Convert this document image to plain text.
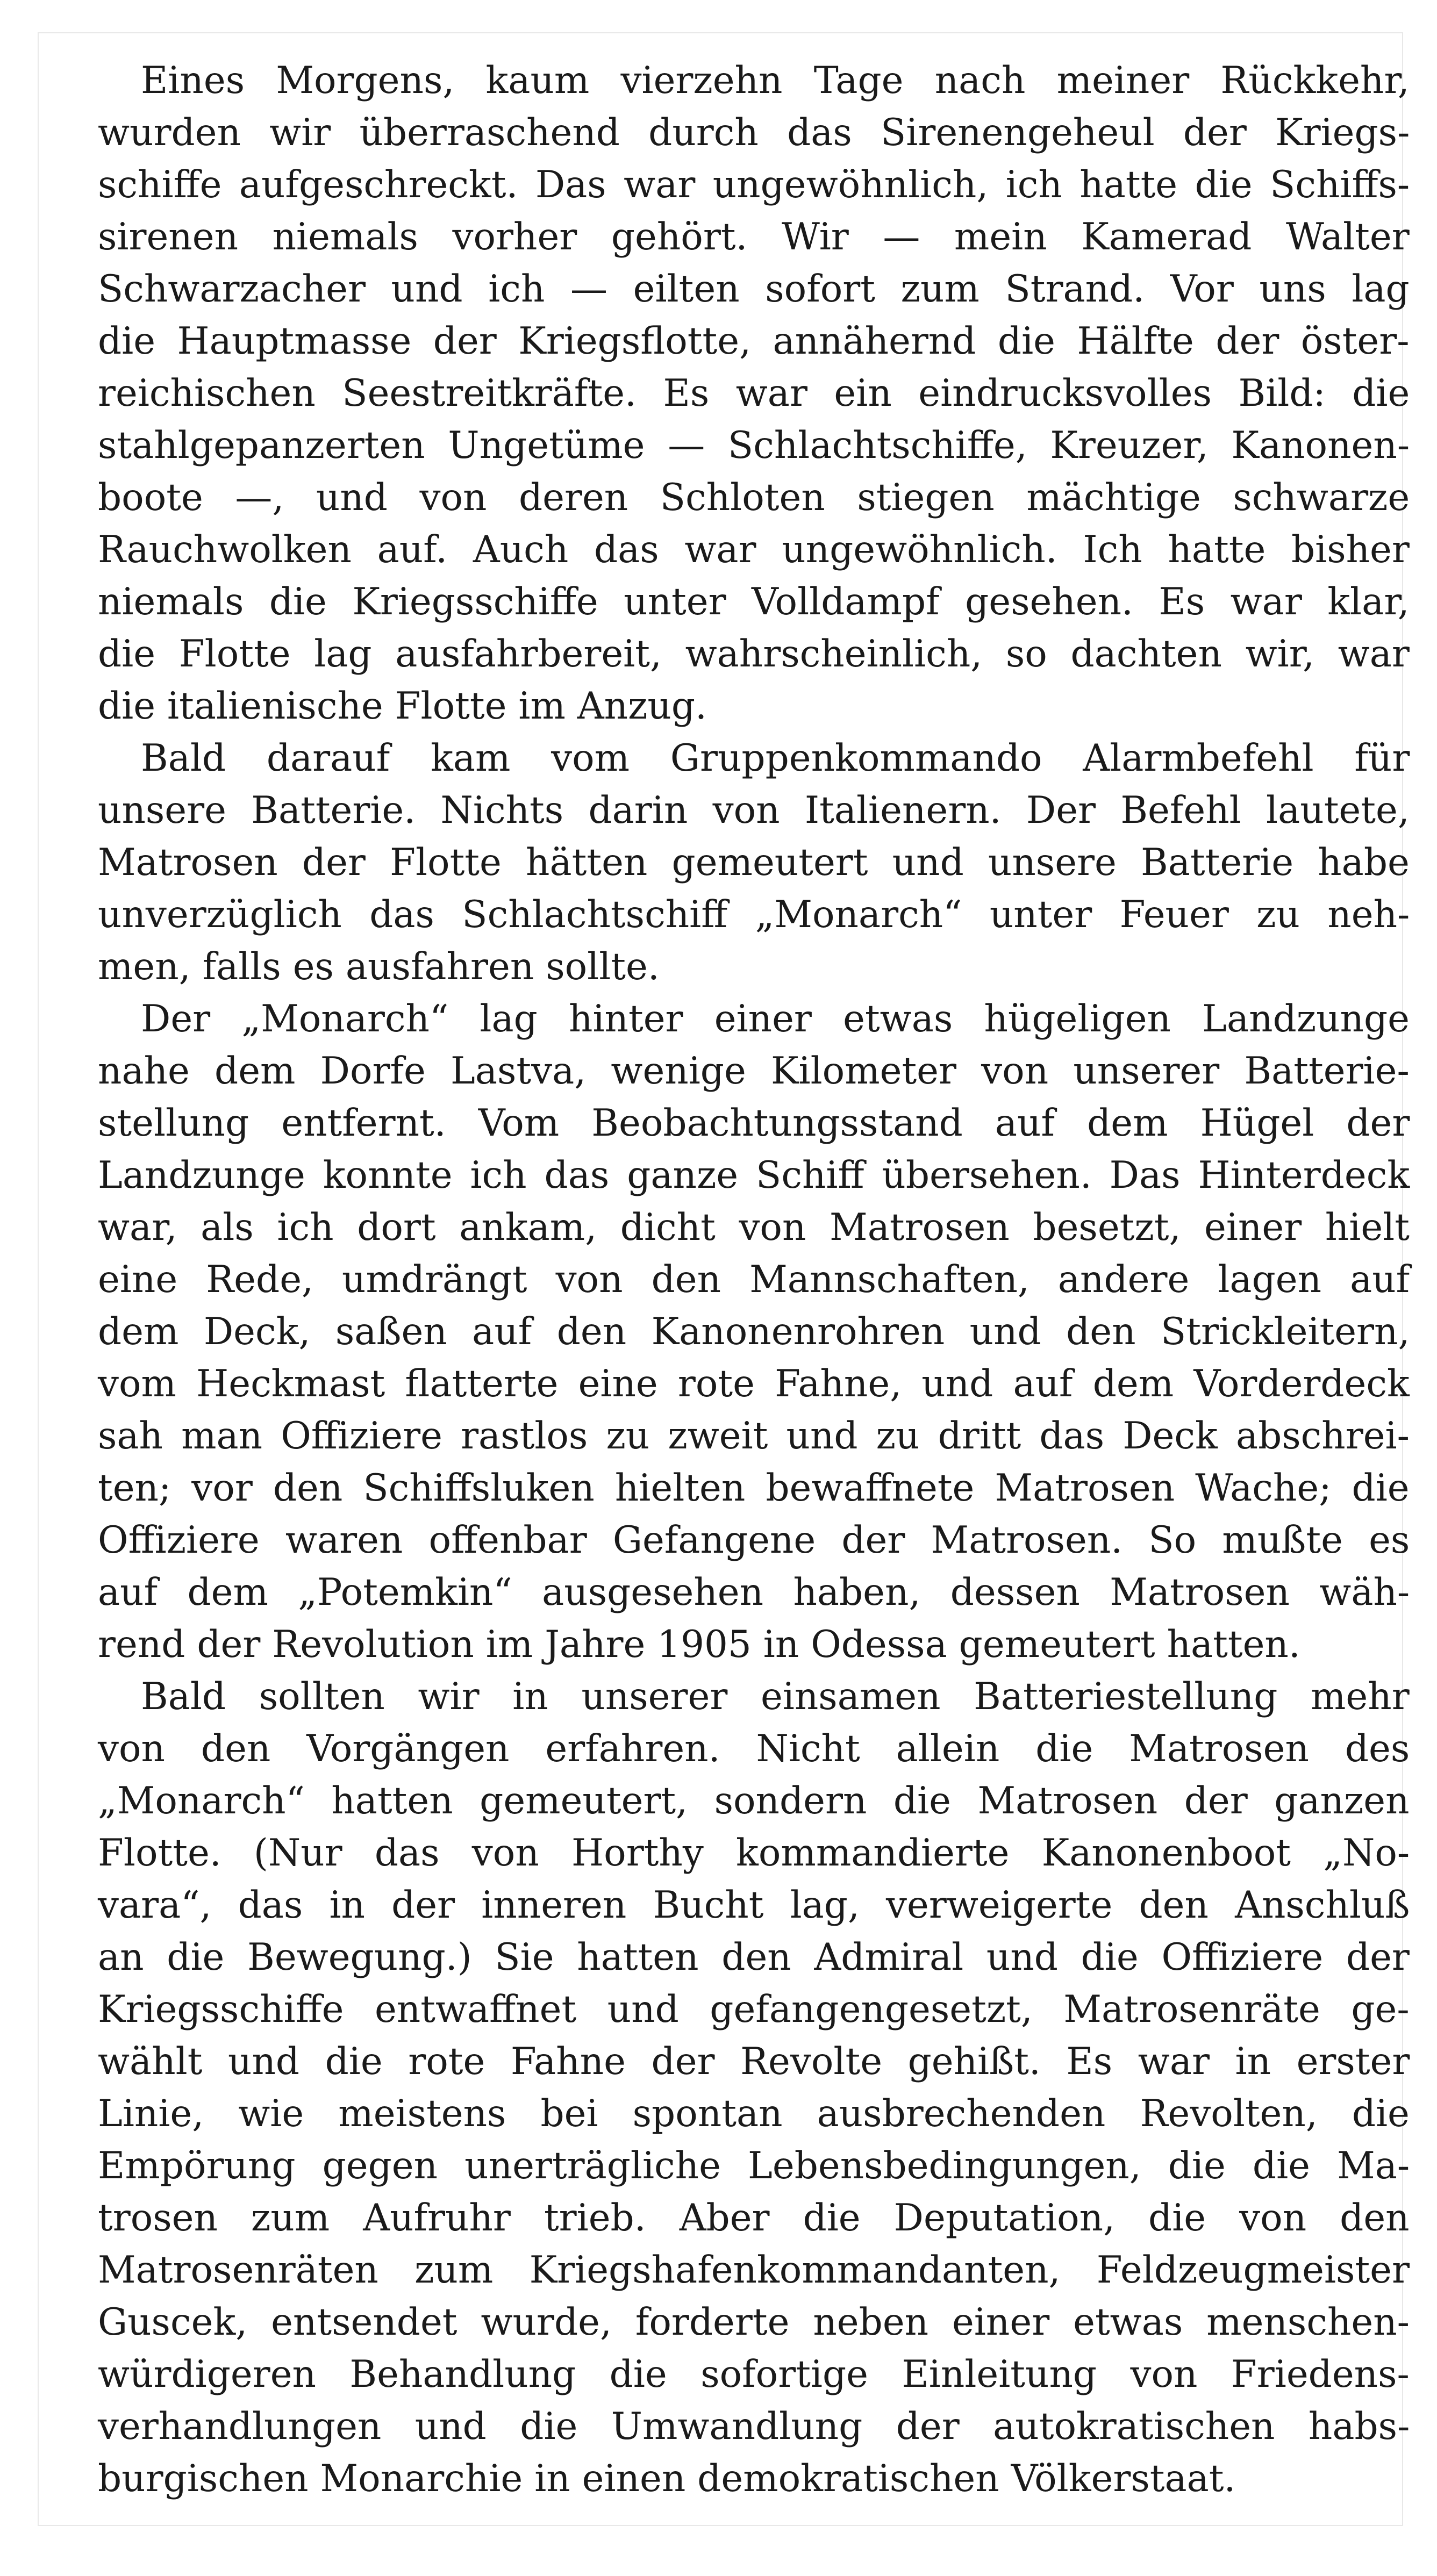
Eines Morgens, kaum vierzehn Tage nach meiner Rückkehr,
wurden wir überraschend durch das Sirenengeheul der Kriegs-
schiffe aufgeschreckt. Das war ungewöhnlich, ich hatte die Schiffs-
sirenen niemals vorher gehört. Wir — mein Kamerad Walter
Schwarzacher und ich — eilten sofort zum Strand. Vor uns lag
die Hauptmasse der Kriegsflotte, annähernd die Hälfte der öster-
reichischen Seestreitkräfte. Es war ein eindrucksvolles Bild: die
stahlgepanzerten Ungetüme — Schlachtschiffe, Kreuzer, Kanonen-
boote —, und von deren Schloten stiegen mächtige schwarze
Rauchwolken auf. Auch das war ungewöhnlich. Ich hatte bisher
niemals die Kriegsschiffe unter Volldampf gesehen. Es war klar,
die Flotte lag ausfahrbereit, wahrscheinlich, so dachten wir, war
die italienische Flotte im Anzug.
Bald darauf kam vom Gruppenkommando Alarmbefehl für
unsere Batterie. Nichts darin von Italienern. Der Befehl lautete,
Matrosen der Flotte hätten gemeutert und unsere Batterie habe
unverzüglich das Schlachtschiff „Monarch“ unter Feuer zu neh-
men, falls es ausfahren sollte.
Der „Monarch“ lag hinter einer etwas hügeligen Landzunge
nahe dem Dorfe Lastva, wenige Kilometer von unserer Batterie-
stellung entfernt. Vom Beobachtungsstand auf dem Hügel der
Landzunge konnte ich das ganze Schiff übersehen. Das Hinterdeck
war, als ich dort ankam, dicht von Matrosen besetzt, einer hielt
eine Rede, umdrängt von den Mannschaften, andere lagen auf
dem Deck, saßen auf den Kanonenrohren und den Strickleitern,
vom Heckmast flatterte eine rote Fahne, und auf dem Vorderdeck
sah man Offiziere rastlos zu zweit und zu dritt das Deck abschrei-
ten; vor den Schiffsluken hielten bewaffnete Matrosen Wache; die
Offiziere waren offenbar Gefangene der Matrosen. So mußte es
auf dem „Potemkin“ ausgesehen haben, dessen Matrosen wäh-
rend der Revolution im Jahre 1905 in Odessa gemeutert hatten.
Bald sollten wir in unserer einsamen Batteriestellung mehr
von den Vorgängen erfahren. Nicht allein die Matrosen des
„Monarch“ hatten gemeutert, sondern die Matrosen der ganzen
Flotte. (Nur das von Horthy kommandierte Kanonenboot „No-
vara“, das in der inneren Bucht lag, verweigerte den Anschluß
an die Bewegung.) Sie hatten den Admiral und die Offiziere der
Kriegsschiffe entwaffnet und gefangengesetzt, Matrosenräte ge-
wählt und die rote Fahne der Revolte gehißt. Es war in erster
Linie, wie meistens bei spontan ausbrechenden Revolten, die
Empörung gegen unerträgliche Lebensbedingungen, die die Ma-
trosen zum Aufruhr trieb. Aber die Deputation, die von den
Matrosenräten zum Kriegshafenkommandanten, Feldzeugmeister
Guscek, entsendet wurde, forderte neben einer etwas menschen-
würdigeren Behandlung die sofortige Einleitung von Friedens-
verhandlungen und die Umwandlung der autokratischen habs-
burgischen Monarchie in einen demokratischen Völkerstaat.
